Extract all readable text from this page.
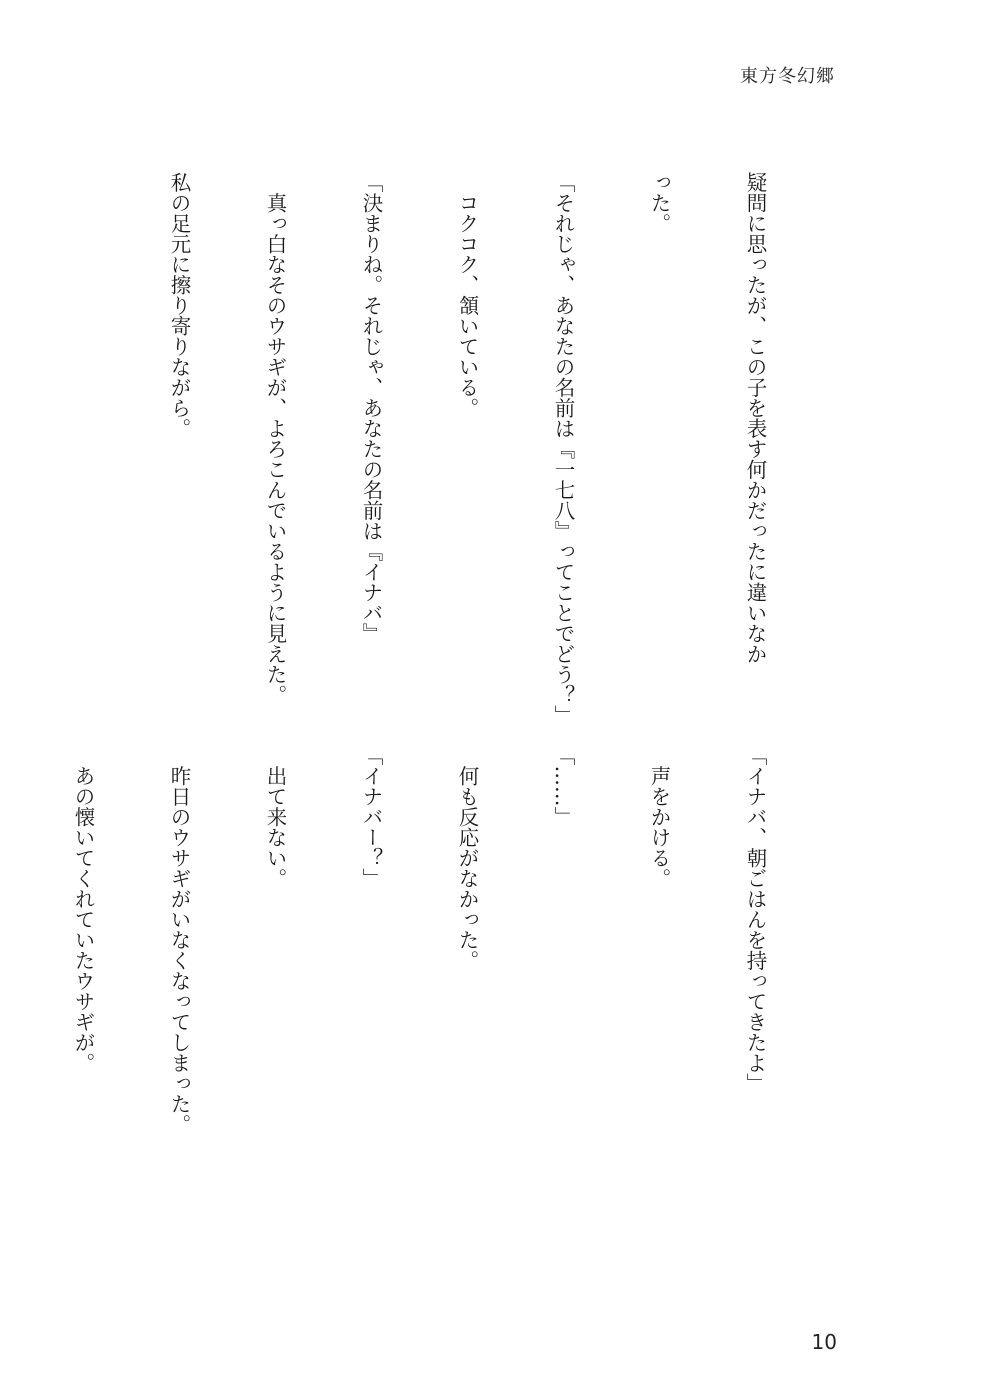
東方冬幻郷

疑問に思ったが、この子を表す何かだったに違いなか

った。

「それじゃ、あなたの名前は『一七八』ってことでどう？」

　コクコク、頷いている。

「決まりね。それじゃ、あなたの名前は『イナバ』

　真っ白なそのウサギが、よろこんでいるように見えた。

私の足元に擦り寄りながら。

「イナバ、朝ごはんを持ってきたよ」

　声をかける。

「……」

　何も反応がなかった。

「イナバー？」

　出て来ない。

　昨日のウサギがいなくなってしまった。

　あの懐いてくれていたウサギが。

10
